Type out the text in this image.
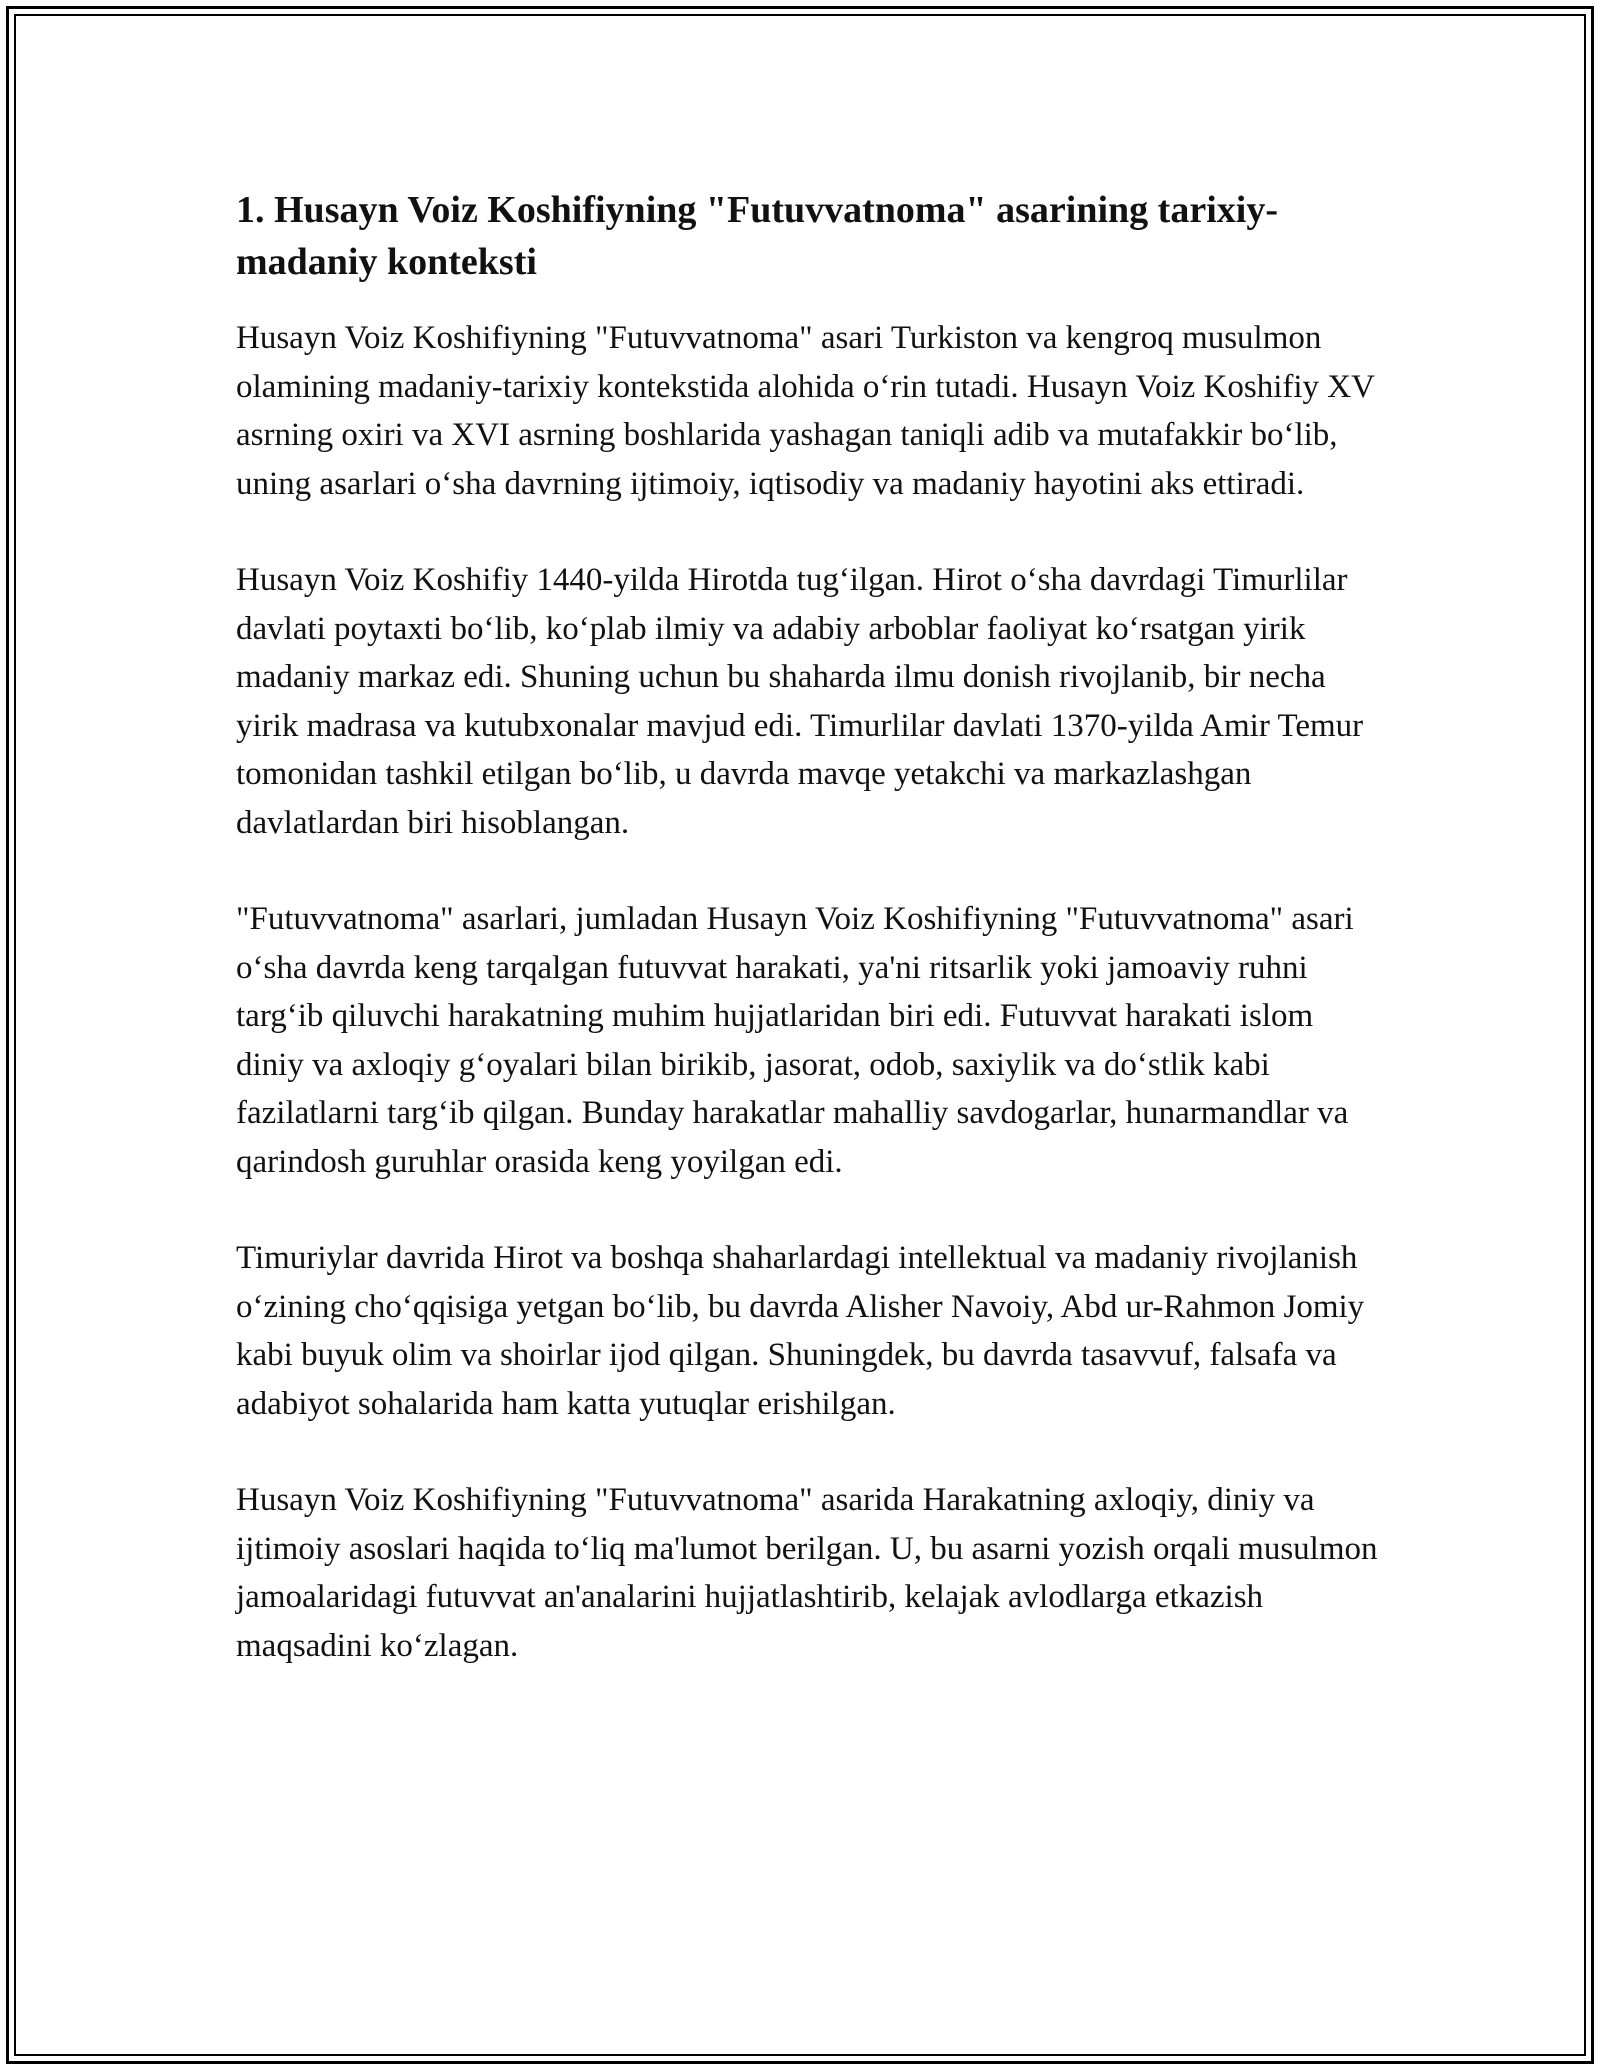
1. Husayn Voiz Koshifiyning "Futuvvatnoma" asarining tarixiy-madaniy konteksti

Husayn Voiz Koshifiyning "Futuvvatnoma" asari Turkiston va kengroq musulmon olamining madaniy-tarixiy kontekstida alohida o‘rin tutadi. Husayn Voiz Koshifiy XV asrning oxiri va XVI asrning boshlarida yashagan taniqli adib va mutafakkir bo‘lib, uning asarlari o‘sha davrning ijtimoiy, iqtisodiy va madaniy hayotini aks ettiradi.

Husayn Voiz Koshifiy 1440-yilda Hirotda tug‘ilgan. Hirot o‘sha davrdagi Timurlilar davlati poytaxti bo‘lib, ko‘plab ilmiy va adabiy arboblar faoliyat ko‘rsatgan yirik madaniy markaz edi. Shuning uchun bu shaharda ilmu donish rivojlanib, bir necha yirik madrasa va kutubxonalar mavjud edi. Timurlilar davlati 1370-yilda Amir Temur tomonidan tashkil etilgan bo‘lib, u davrda mavqe yetakchi va markazlashgan davlatlardan biri hisoblangan.

"Futuvvatnoma" asarlari, jumladan Husayn Voiz Koshifiyning "Futuvvatnoma" asari o‘sha davrda keng tarqalgan futuvvat harakati, ya'ni ritsarlik yoki jamoaviy ruhni targ‘ib qiluvchi harakatning muhim hujjatlaridan biri edi. Futuvvat harakati islom diniy va axloqiy g‘oyalari bilan birikib, jasorat, odob, saxiylik va do‘stlik kabi fazilatlarni targ‘ib qilgan. Bunday harakatlar mahalliy savdogarlar, hunarmandlar va qarindosh guruhlar orasida keng yoyilgan edi.

Timuriylar davrida Hirot va boshqa shaharlardagi intellektual va madaniy rivojlanish o‘zining cho‘qqisiga yetgan bo‘lib, bu davrda Alisher Navoiy, Abd ur-Rahmon Jomiy kabi buyuk olim va shoirlar ijod qilgan. Shuningdek, bu davrda tasavvuf, falsafa va adabiyot sohalarida ham katta yutuqlar erishilgan.

Husayn Voiz Koshifiyning "Futuvvatnoma" asarida Harakatning axloqiy, diniy va ijtimoiy asoslari haqida to‘liq ma'lumot berilgan. U, bu asarni yozish orqali musulmon jamoalaridagi futuvvat an'analarini hujjatlashtirib, kelajak avlodlarga etkazish maqsadini ko‘zlagan.
